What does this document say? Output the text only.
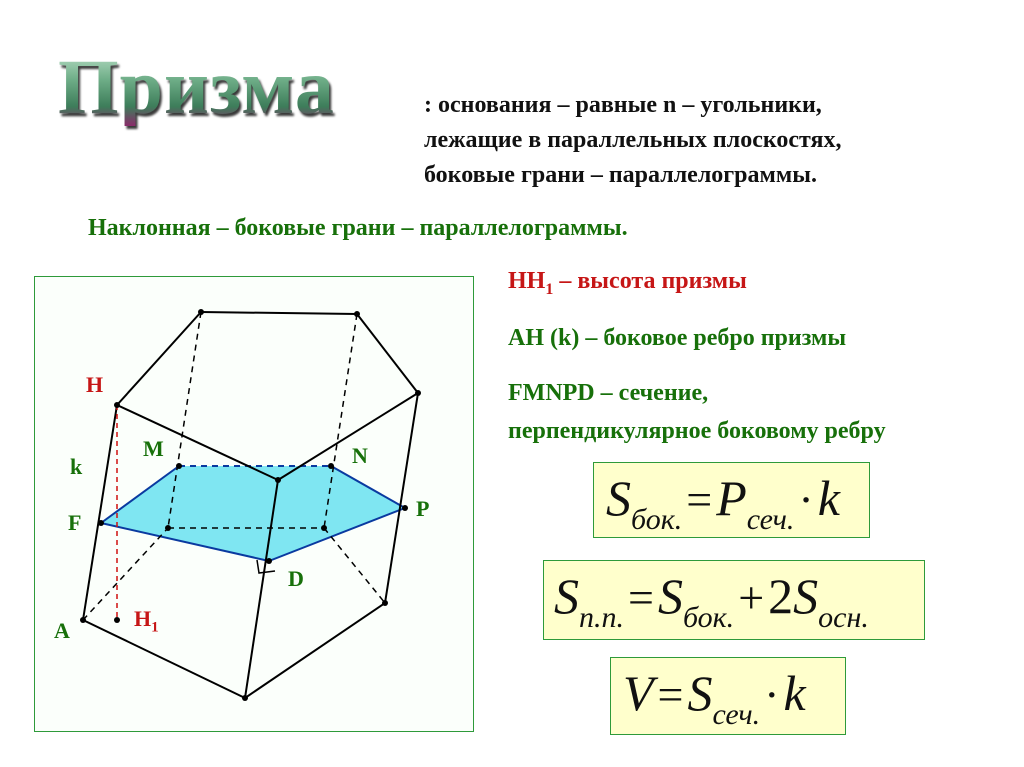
Призма	: основания – равные n – угольники,
лежащие в параллельных плоскостях,
боковые грани – параллелограммы.
Наклонная – боковые грани – параллелограммы.
$HH_1$ – высота призмы
AH (k) – боковое ребро призмы
FMNPD – сечение,
перпендикулярное боковому ребру
H
k
F
M	N
P
D
A	$H_1$
Sбок. = Pсеч. · k
Sп.п. = Sбок. + 2Sосн.
V = Sсеч. · k
